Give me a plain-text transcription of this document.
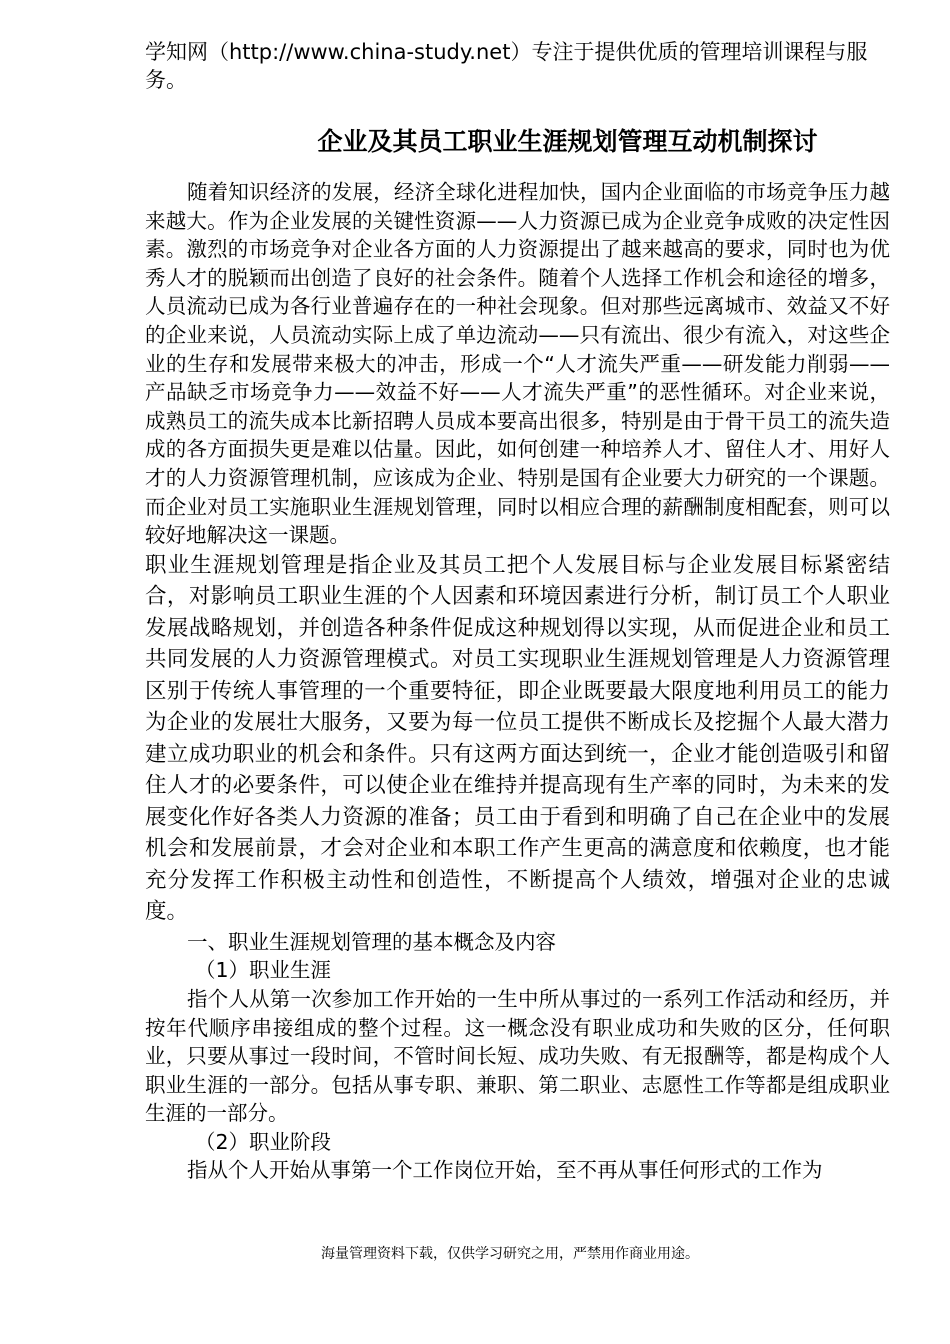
学知网（http://www.china-study.net）专注于提供优质的管理培训课程与服务。

企业及其员工职业生涯规划管理互动机制探讨

随着知识经济的发展，经济全球化进程加快，国内企业面临的市场竞争压力越来越大。作为企业发展的关键性资源——人力资源已成为企业竞争成败的决定性因素。激烈的市场竞争对企业各方面的人力资源提出了越来越高的要求，同时也为优秀人才的脱颖而出创造了良好的社会条件。随着个人选择工作机会和途径的增多，人员流动已成为各行业普遍存在的一种社会现象。但对那些远离城市、效益又不好的企业来说，人员流动实际上成了单边流动——只有流出、很少有流入，对这些企业的生存和发展带来极大的冲击，形成一个“人才流失严重——研发能力削弱——产品缺乏市场竞争力——效益不好——人才流失严重”的恶性循环。对企业来说，成熟员工的流失成本比新招聘人员成本要高出很多，特别是由于骨干员工的流失造成的各方面损失更是难以估量。因此，如何创建一种培养人才、留住人才、用好人才的人力资源管理机制，应该成为企业、特别是国有企业要大力研究的一个课题。而企业对员工实施职业生涯规划管理，同时以相应合理的薪酬制度相配套，则可以较好地解决这一课题。

职业生涯规划管理是指企业及其员工把个人发展目标与企业发展目标紧密结合，对影响员工职业生涯的个人因素和环境因素进行分析，制订员工个人职业发展战略规划，并创造各种条件促成这种规划得以实现，从而促进企业和员工共同发展的人力资源管理模式。对员工实现职业生涯规划管理是人力资源管理区别于传统人事管理的一个重要特征，即企业既要最大限度地利用员工的能力为企业的发展壮大服务，又要为每一位员工提供不断成长及挖掘个人最大潜力建立成功职业的机会和条件。只有这两方面达到统一，企业才能创造吸引和留住人才的必要条件，可以使企业在维持并提高现有生产率的同时，为未来的发展变化作好各类人力资源的准备；员工由于看到和明确了自己在企业中的发展机会和发展前景，才会对企业和本职工作产生更高的满意度和依赖度，也才能充分发挥工作积极主动性和创造性，不断提高个人绩效，增强对企业的忠诚度。

一、职业生涯规划管理的基本概念及内容

（1）职业生涯

指个人从第一次参加工作开始的一生中所从事过的一系列工作活动和经历，并按年代顺序串接组成的整个过程。这一概念没有职业成功和失败的区分，任何职业，只要从事过一段时间，不管时间长短、成功失败、有无报酬等，都是构成个人职业生涯的一部分。包括从事专职、兼职、第二职业、志愿性工作等都是组成职业生涯的一部分。

（2）职业阶段

指从个人开始从事第一个工作岗位开始，至不再从事任何形式的工作为

海量管理资料下载，仅供学习研究之用，严禁用作商业用途。
